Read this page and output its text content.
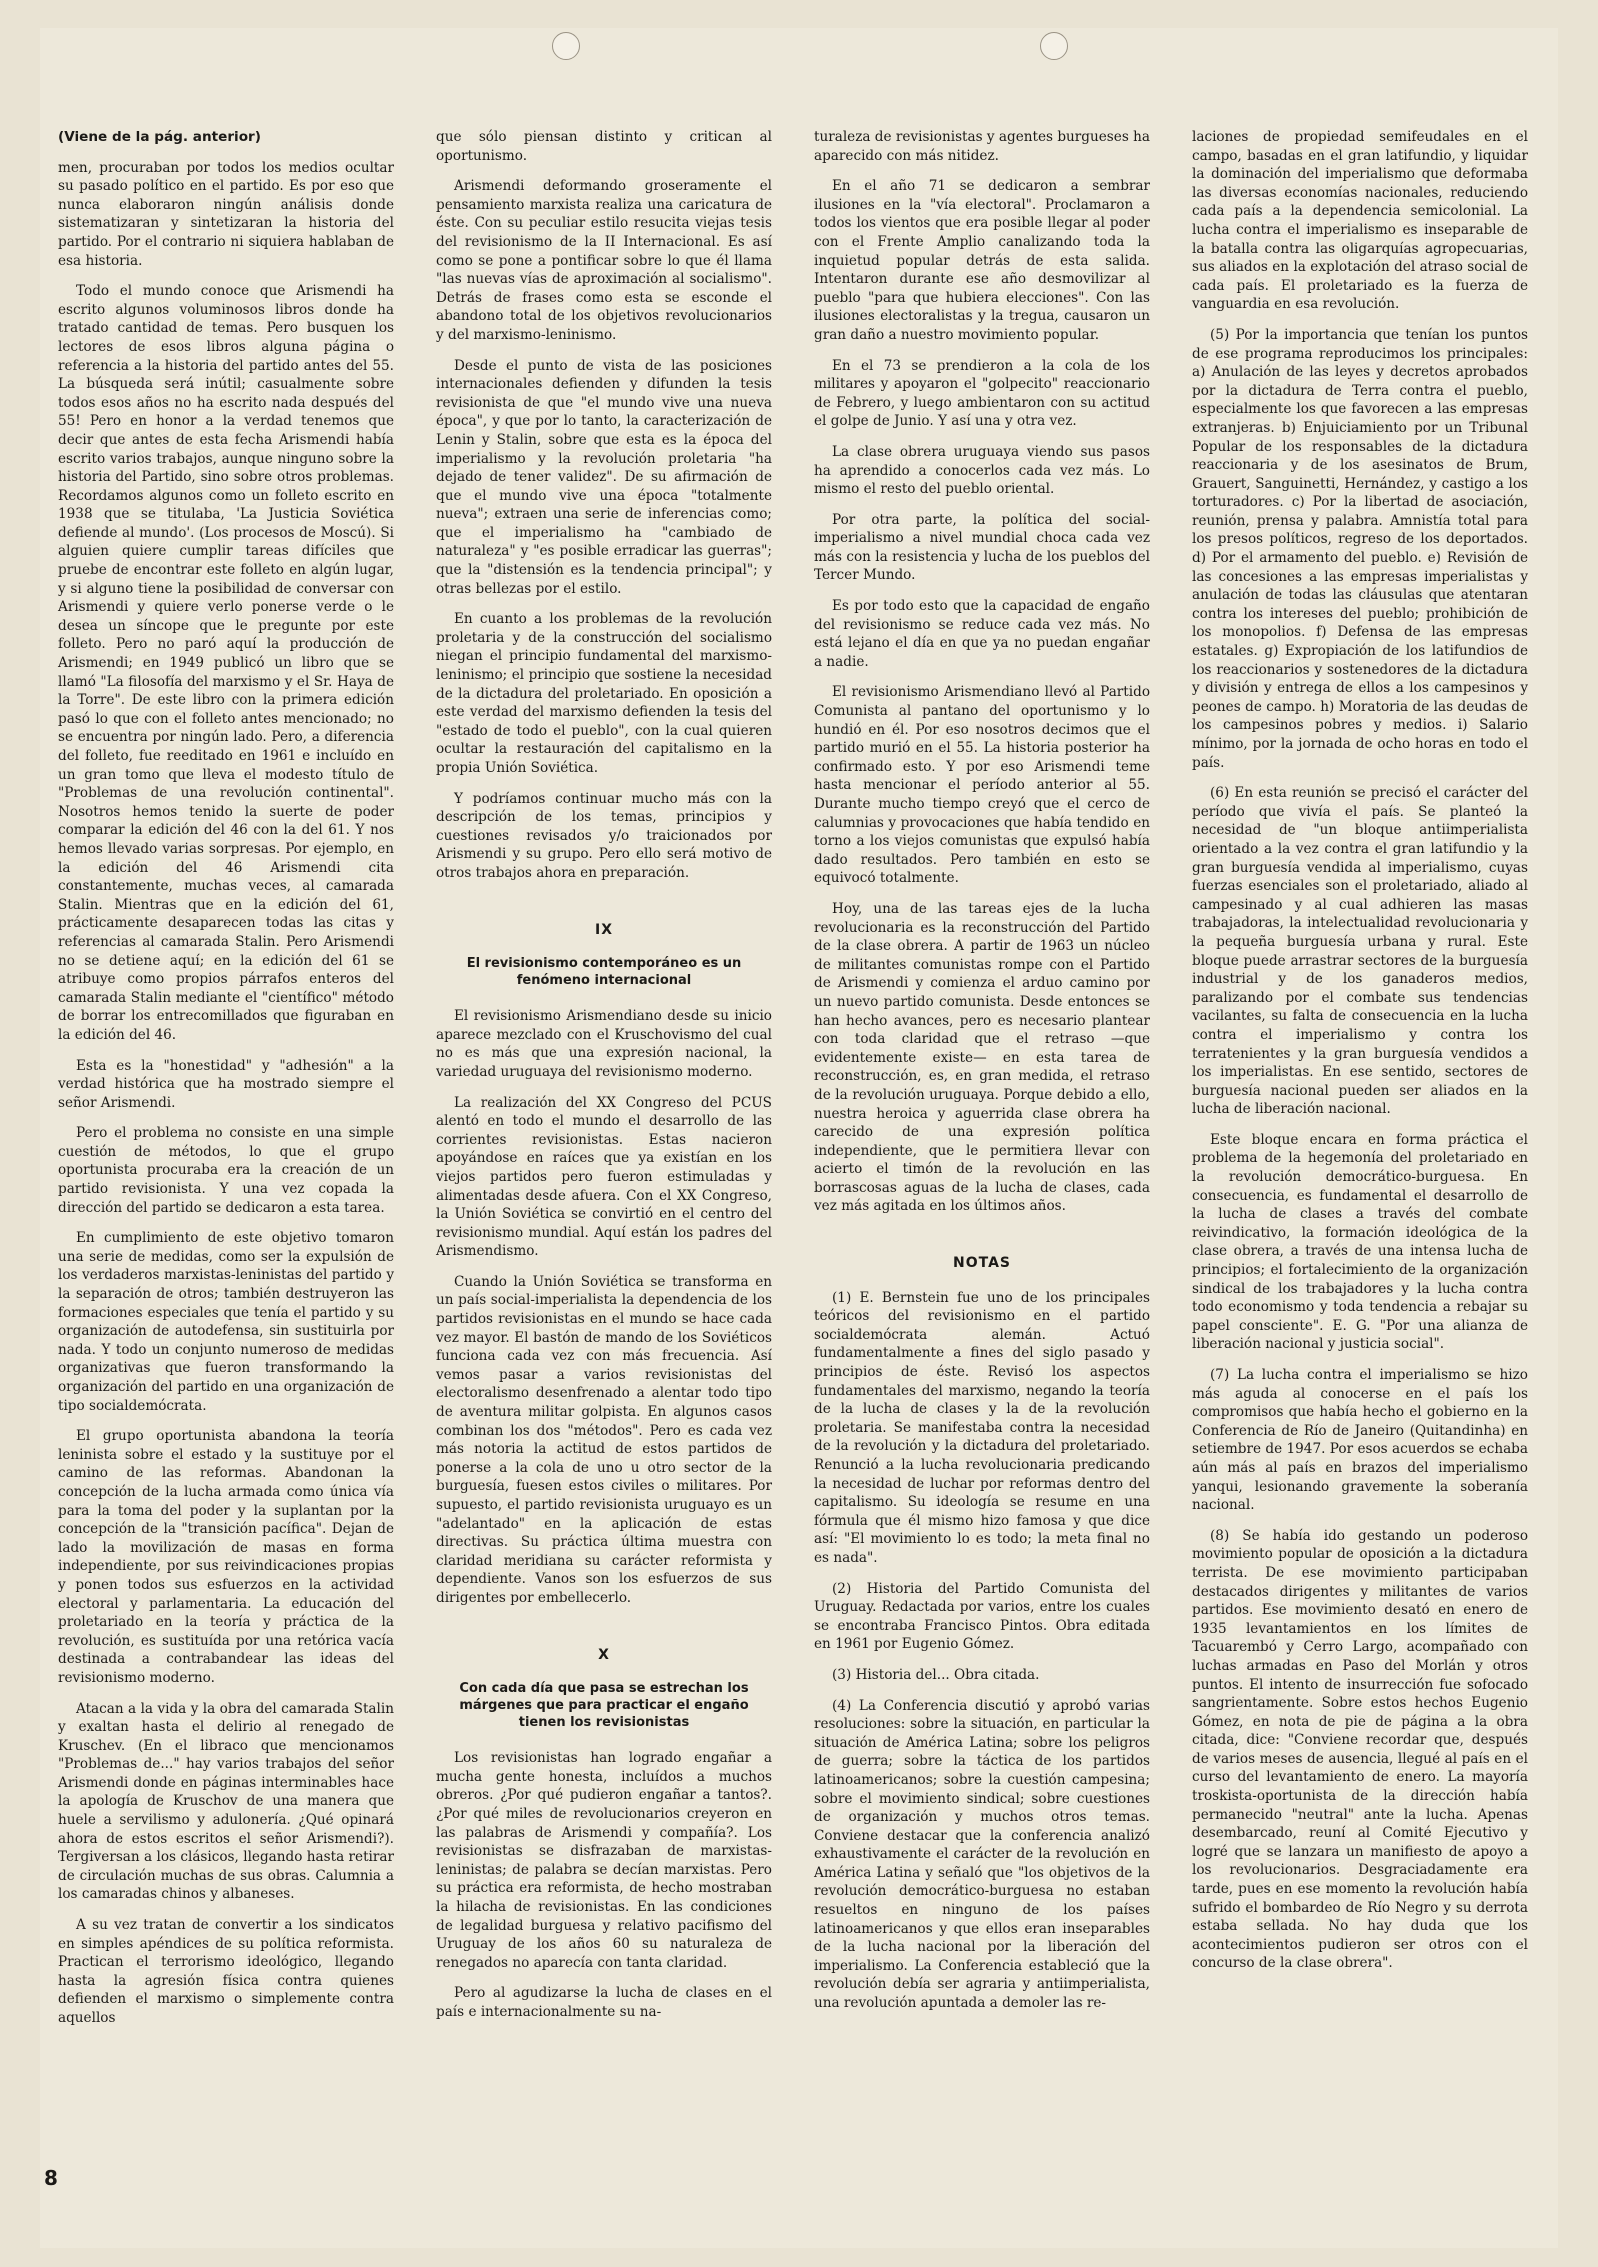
(Viene de la pág. anterior)

men, procuraban por todos los medios ocultar su pasado político en el partido. Es por eso que nunca elaboraron ningún análisis donde sistematizaran y sintetizaran la historia del partido. Por el contrario ni siquiera hablaban de esa historia.

Todo el mundo conoce que Arismendi ha escrito algunos voluminosos libros donde ha tratado cantidad de temas. Pero busquen los lectores de esos libros alguna página o referencia a la historia del partido antes del 55. La búsqueda será inútil; casualmente sobre todos esos años no ha escrito nada después del 55! Pero en honor a la verdad tenemos que decir que antes de esta fecha Arismendi había escrito varios trabajos, aunque ninguno sobre la historia del Partido, sino sobre otros problemas. Recordamos algunos como un folleto escrito en 1938 que se titulaba, 'La Justicia Soviética defiende al mundo'. (Los procesos de Moscú). Si alguien quiere cumplir tareas difíciles que pruebe de encontrar este folleto en algún lugar, y si alguno tiene la posibilidad de conversar con Arismendi y quiere verlo ponerse verde o le desea un síncope que le pregunte por este folleto. Pero no paró aquí la producción de Arismendi; en 1949 publicó un libro que se llamó "La filosofía del marxismo y el Sr. Haya de la Torre". De este libro con la primera edición pasó lo que con el folleto antes mencionado; no se encuentra por ningún lado. Pero, a diferencia del folleto, fue reeditado en 1961 e incluído en un gran tomo que lleva el modesto título de "Problemas de una revolución continental". Nosotros hemos tenido la suerte de poder comparar la edición del 46 con la del 61. Y nos hemos llevado varias sorpresas. Por ejemplo, en la edición del 46 Arismendi cita constantemente, muchas veces, al camarada Stalin. Mientras que en la edición del 61, prácticamente desaparecen todas las citas y referencias al camarada Stalin. Pero Arismendi no se detiene aquí; en la edición del 61 se atribuye como propios párrafos enteros del camarada Stalin mediante el "científico" método de borrar los entrecomillados que figuraban en la edición del 46.

Esta es la "honestidad" y "adhesión" a la verdad histórica que ha mostrado siempre el señor Arismendi.

Pero el problema no consiste en una simple cuestión de métodos, lo que el grupo oportunista procuraba era la creación de un partido revisionista. Y una vez copada la dirección del partido se dedicaron a esta tarea.

En cumplimiento de este objetivo tomaron una serie de medidas, como ser la expulsión de los verdaderos marxistas-leninistas del partido y la separación de otros; también destruyeron las formaciones especiales que tenía el partido y su organización de autodefensa, sin sustituirla por nada. Y todo un conjunto numeroso de medidas organizativas que fueron transformando la organización del partido en una organización de tipo socialdemócrata.

El grupo oportunista abandona la teoría leninista sobre el estado y la sustituye por el camino de las reformas. Abandonan la concepción de la lucha armada como única vía para la toma del poder y la suplantan por la concepción de la "transición pacífica". Dejan de lado la movilización de masas en forma independiente, por sus reivindicaciones propias y ponen todos sus esfuerzos en la actividad electoral y parlamentaria. La educación del proletariado en la teoría y práctica de la revolución, es sustituída por una retórica vacía destinada a contrabandear las ideas del revisionismo moderno.

Atacan a la vida y la obra del camarada Stalin y exaltan hasta el delirio al renegado de Kruschev. (En el libraco que mencionamos "Problemas de..." hay varios trabajos del señor Arismendi donde en páginas interminables hace la apología de Kruschov de una manera que huele a servilismo y adulonería. ¿Qué opinará ahora de estos escritos el señor Arismendi?). Tergiversan a los clásicos, llegando hasta retirar de circulación muchas de sus obras. Calumnia a los camaradas chinos y albaneses.

A su vez tratan de convertir a los sindicatos en simples apéndices de su política reformista. Practican el terrorismo ideológico, llegando hasta la agresión física contra quienes defienden el marxismo o simplemente contra aquellos

que sólo piensan distinto y critican al oportunismo.

Arismendi deformando groseramente el pensamiento marxista realiza una caricatura de éste. Con su peculiar estilo resucita viejas tesis del revisionismo de la II Internacional. Es así como se pone a pontificar sobre lo que él llama "las nuevas vías de aproximación al socialismo". Detrás de frases como esta se esconde el abandono total de los objetivos revolucionarios y del marxismo-leninismo.

Desde el punto de vista de las posiciones internacionales defienden y difunden la tesis revisionista de que "el mundo vive una nueva época", y que por lo tanto, la caracterización de Lenin y Stalin, sobre que esta es la época del imperialismo y la revolución proletaria "ha dejado de tener validez". De su afirmación de que el mundo vive una época "totalmente nueva"; extraen una serie de inferencias como; que el imperialismo ha "cambiado de naturaleza" y "es posible erradicar las guerras"; que la "distensión es la tendencia principal"; y otras bellezas por el estilo.

En cuanto a los problemas de la revolución proletaria y de la construcción del socialismo niegan el principio fundamental del marxismo-leninismo; el principio que sostiene la necesidad de la dictadura del proletariado. En oposición a este verdad del marxismo defienden la tesis del "estado de todo el pueblo", con la cual quieren ocultar la restauración del capitalismo en la propia Unión Soviética.

Y podríamos continuar mucho más con la descripción de los temas, principios y cuestiones revisados y/o traicionados por Arismendi y su grupo. Pero ello será motivo de otros trabajos ahora en preparación.

IX
El revisionismo contemporáneo es un fenómeno internacional

El revisionismo Arismendiano desde su inicio aparece mezclado con el Kruschovismo del cual no es más que una expresión nacional, la variedad uruguaya del revisionismo moderno.

La realización del XX Congreso del PCUS alentó en todo el mundo el desarrollo de las corrientes revisionistas. Estas nacieron apoyándose en raíces que ya existían en los viejos partidos pero fueron estimuladas y alimentadas desde afuera. Con el XX Congreso, la Unión Soviética se convirtió en el centro del revisionismo mundial. Aquí están los padres del Arismendismo.

Cuando la Unión Soviética se transforma en un país social-imperialista la dependencia de los partidos revisionistas en el mundo se hace cada vez mayor. El bastón de mando de los Soviéticos funciona cada vez con más frecuencia. Así vemos pasar a varios revisionistas del electoralismo desenfrenado a alentar todo tipo de aventura militar golpista. En algunos casos combinan los dos "métodos". Pero es cada vez más notoria la actitud de estos partidos de ponerse a la cola de uno u otro sector de la burguesía, fuesen estos civiles o militares. Por supuesto, el partido revisionista uruguayo es un "adelantado" en la aplicación de estas directivas. Su práctica última muestra con claridad meridiana su carácter reformista y dependiente. Vanos son los esfuerzos de sus dirigentes por embellecerlo.

X
Con cada día que pasa se estrechan los márgenes que para practicar el engaño tienen los revisionistas

Los revisionistas han logrado engañar a mucha gente honesta, incluídos a muchos obreros. ¿Por qué pudieron engañar a tantos?. ¿Por qué miles de revolucionarios creyeron en las palabras de Arismendi y compañía?. Los revisionistas se disfrazaban de marxistas-leninistas; de palabra se decían marxistas. Pero su práctica era reformista, de hecho mostraban la hilacha de revisionistas. En las condiciones de legalidad burguesa y relativo pacifismo del Uruguay de los años 60 su naturaleza de renegados no aparecía con tanta claridad.

Pero al agudizarse la lucha de clases en el país e internacionalmente su na-

turaleza de revisionistas y agentes burgueses ha aparecido con más nitidez.

En el año 71 se dedicaron a sembrar ilusiones en la "vía electoral". Proclamaron a todos los vientos que era posible llegar al poder con el Frente Amplio canalizando toda la inquietud popular detrás de esta salida. Intentaron durante ese año desmovilizar al pueblo "para que hubiera elecciones". Con las ilusiones electoralistas y la tregua, causaron un gran daño a nuestro movimiento popular.

En el 73 se prendieron a la cola de los militares y apoyaron el "golpecito" reaccionario de Febrero, y luego ambientaron con su actitud el golpe de Junio. Y así una y otra vez.

La clase obrera uruguaya viendo sus pasos ha aprendido a conocerlos cada vez más. Lo mismo el resto del pueblo oriental.

Por otra parte, la política del social-imperialismo a nivel mundial choca cada vez más con la resistencia y lucha de los pueblos del Tercer Mundo.

Es por todo esto que la capacidad de engaño del revisionismo se reduce cada vez más. No está lejano el día en que ya no puedan engañar a nadie.

El revisionismo Arismendiano llevó al Partido Comunista al pantano del oportunismo y lo hundió en él. Por eso nosotros decimos que el partido murió en el 55. La historia posterior ha confirmado esto. Y por eso Arismendi teme hasta mencionar el período anterior al 55. Durante mucho tiempo creyó que el cerco de calumnias y provocaciones que había tendido en torno a los viejos comunistas que expulsó había dado resultados. Pero también en esto se equivocó totalmente.

Hoy, una de las tareas ejes de la lucha revolucionaria es la reconstrucción del Partido de la clase obrera. A partir de 1963 un núcleo de militantes comunistas rompe con el Partido de Arismendi y comienza el arduo camino por un nuevo partido comunista. Desde entonces se han hecho avances, pero es necesario plantear con toda claridad que el retraso —que evidentemente existe— en esta tarea de reconstrucción, es, en gran medida, el retraso de la revolución uruguaya. Porque debido a ello, nuestra heroica y aguerrida clase obrera ha carecido de una expresión política independiente, que le permitiera llevar con acierto el timón de la revolución en las borrascosas aguas de la lucha de clases, cada vez más agitada en los últimos años.

NOTAS

(1) E. Bernstein fue uno de los principales teóricos del revisionismo en el partido socialdemócrata alemán. Actuó fundamentalmente a fines del siglo pasado y principios de éste. Revisó los aspectos fundamentales del marxismo, negando la teoría de la lucha de clases y la de la revolución proletaria. Se manifestaba contra la necesidad de la revolución y la dictadura del proletariado. Renunció a la lucha revolucionaria predicando la necesidad de luchar por reformas dentro del capitalismo. Su ideología se resume en una fórmula que él mismo hizo famosa y que dice así: "El movimiento lo es todo; la meta final no es nada".

(2) Historia del Partido Comunista del Uruguay. Redactada por varios, entre los cuales se encontraba Francisco Pintos. Obra editada en 1961 por Eugenio Gómez.

(3) Historia del... Obra citada.

(4) La Conferencia discutió y aprobó varias resoluciones: sobre la situación, en particular la situación de América Latina; sobre los peligros de guerra; sobre la táctica de los partidos latinoamericanos; sobre la cuestión campesina; sobre el movimiento sindical; sobre cuestiones de organización y muchos otros temas. Conviene destacar que la conferencia analizó exhaustivamente el carácter de la revolución en América Latina y señaló que "los objetivos de la revolución democrático-burguesa no estaban resueltos en ninguno de los países latinoamericanos y que ellos eran inseparables de la lucha nacional por la liberación del imperialismo. La Conferencia estableció que la revolución debía ser agraria y antiimperialista, una revolución apuntada a demoler las re-

laciones de propiedad semifeudales en el campo, basadas en el gran latifundio, y liquidar la dominación del imperialismo que deformaba las diversas economías nacionales, reduciendo cada país a la dependencia semicolonial. La lucha contra el imperialismo es inseparable de la batalla contra las oligarquías agropecuarias, sus aliados en la explotación del atraso social de cada país. El proletariado es la fuerza de vanguardia en esa revolución.

(5) Por la importancia que tenían los puntos de ese programa reproducimos los principales: a) Anulación de las leyes y decretos aprobados por la dictadura de Terra contra el pueblo, especialmente los que favorecen a las empresas extranjeras. b) Enjuiciamiento por un Tribunal Popular de los responsables de la dictadura reaccionaria y de los asesinatos de Brum, Grauert, Sanguinetti, Hernández, y castigo a los torturadores. c) Por la libertad de asociación, reunión, prensa y palabra. Amnistía total para los presos políticos, regreso de los deportados. d) Por el armamento del pueblo. e) Revisión de las concesiones a las empresas imperialistas y anulación de todas las cláusulas que atentaran contra los intereses del pueblo; prohibición de los monopolios. f) Defensa de las empresas estatales. g) Expropiación de los latifundios de los reaccionarios y sostenedores de la dictadura y división y entrega de ellos a los campesinos y peones de campo. h) Moratoria de las deudas de los campesinos pobres y medios. i) Salario mínimo, por la jornada de ocho horas en todo el país.

(6) En esta reunión se precisó el carácter del período que vivía el país. Se planteó la necesidad de "un bloque antiimperialista orientado a la vez contra el gran latifundio y la gran burguesía vendida al imperialismo, cuyas fuerzas esenciales son el proletariado, aliado al campesinado y al cual adhieren las masas trabajadoras, la intelectualidad revolucionaria y la pequeña burguesía urbana y rural. Este bloque puede arrastrar sectores de la burguesía industrial y de los ganaderos medios, paralizando por el combate sus tendencias vacilantes, su falta de consecuencia en la lucha contra el imperialismo y contra los terratenientes y la gran burguesía vendidos a los imperialistas. En ese sentido, sectores de burguesía nacional pueden ser aliados en la lucha de liberación nacional.

Este bloque encara en forma práctica el problema de la hegemonía del proletariado en la revolución democrático-burguesa. En consecuencia, es fundamental el desarrollo de la lucha de clases a través del combate reivindicativo, la formación ideológica de la clase obrera, a través de una intensa lucha de principios; el fortalecimiento de la organización sindical de los trabajadores y la lucha contra todo economismo y toda tendencia a rebajar su papel consciente". E. G. "Por una alianza de liberación nacional y justicia social".

(7) La lucha contra el imperialismo se hizo más aguda al conocerse en el país los compromisos que había hecho el gobierno en la Conferencia de Río de Janeiro (Quitandinha) en setiembre de 1947. Por esos acuerdos se echaba aún más al país en brazos del imperialismo yanqui, lesionando gravemente la soberanía nacional.

(8) Se había ido gestando un poderoso movimiento popular de oposición a la dictadura terrista. De ese movimiento participaban destacados dirigentes y militantes de varios partidos. Ese movimiento desató en enero de 1935 levantamientos en los límites de Tacuarembó y Cerro Largo, acompañado con luchas armadas en Paso del Morlán y otros puntos. El intento de insurrección fue sofocado sangrientamente. Sobre estos hechos Eugenio Gómez, en nota de pie de página a la obra citada, dice: "Conviene recordar que, después de varios meses de ausencia, llegué al país en el curso del levantamiento de enero. La mayoría troskista-oportunista de la dirección había permanecido "neutral" ante la lucha. Apenas desembarcado, reuní al Comité Ejecutivo y logré que se lanzara un manifiesto de apoyo a los revolucionarios. Desgraciadamente era tarde, pues en ese momento la revolución había sufrido el bombardeo de Río Negro y su derrota estaba sellada. No hay duda que los acontecimientos pudieron ser otros con el concurso de la clase obrera".

8
